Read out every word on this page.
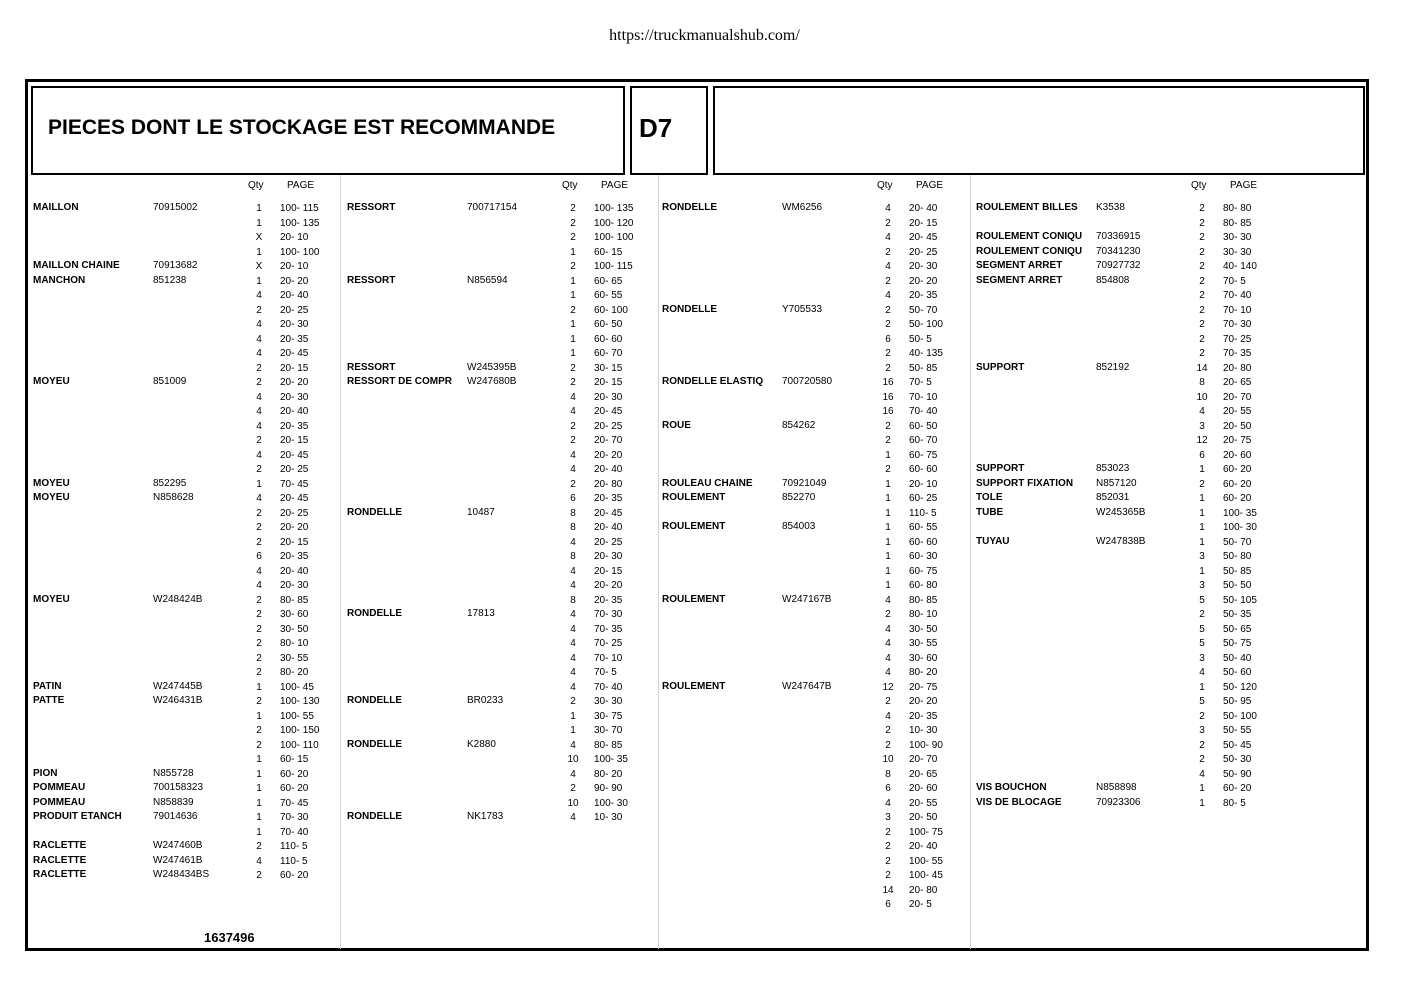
https://truckmanualshub.com/
PIECES DONT LE STOCKAGE EST RECOMMANDE	D7
Qty PAGE
MAILLON	70915002	1	100- 115
1	100- 135
X	20- 10
1	100- 100
MAILLON CHAINE	70913682	X	20- 10
MANCHON	851238	1	20- 20
4	20- 40
2	20- 25
4	20- 30
4	20- 35
4	20- 45
2	20- 15
MOYEU	851009	2	20- 20
4	20- 30
4	20- 40
4	20- 35
2	20- 15
4	20- 45
2	20- 25
MOYEU	852295	1	70- 45
MOYEU	N858628	4	20- 45
2	20- 25
2	20- 20
2	20- 15
6	20- 35
4	20- 40
4	20- 30
MOYEU	W248424B	2	80- 85
2	30- 60
2	30- 50
2	80- 10
2	30- 55
2	80- 20
PATIN	W247445B	1	100- 45
PATTE	W246431B	2	100- 130
1	100- 55
2	100- 150
2	100- 110
1	60- 15
PION	N855728	1	60- 20
POMMEAU	700158323	1	60- 20
POMMEAU	N858839	1	70- 45
PRODUIT ETANCH	79014636	1	70- 30
1	70- 40
RACLETTE	W247460B	2	110- 5
RACLETTE	W247461B	4	110- 5
RACLETTE	W248434BS	2	60- 20
Qty PAGE
RESSORT	700717154	2	100- 135
2	100- 120
2	100- 100
1	60- 15
2	100- 115
RESSORT	N856594	1	60- 65
1	60- 55
2	60- 100
1	60- 50
1	60- 60
1	60- 70
RESSORT	W245395B	2	30- 15
RESSORT DE COMPR W247680B	2	20- 15
4	20- 30
4	20- 45
2	20- 25
2	20- 70
4	20- 20
4	20- 40
2	20- 80
6	20- 35
RONDELLE	10487	8	20- 45
8	20- 40
4	20- 25
8	20- 30
4	20- 15
4	20- 20
8	20- 35
RONDELLE	17813	4	70- 30
4	70- 35
4	70- 25
4	70- 10
4	70- 5
4	70- 40
RONDELLE	BR0233	2	30- 30
1	30- 75
1	30- 70
RONDELLE	K2880	4	80- 85
10	100- 35
4	80- 20
2	90- 90
10	100- 30
RONDELLE	NK1783	4	10- 30
Qty PAGE
RONDELLE	WM6256	4	20- 40
2	20- 15
4	20- 45
2	20- 25
4	20- 30
2	20- 20
4	20- 35
RONDELLE	Y705533	2	50- 70
2	50- 100
6	50- 5
2	40- 135
2	50- 85
RONDELLE ELASTIQ 700720580	16	70- 5
16	70- 10
16	70- 40
ROUE	854262	2	60- 50
2	60- 70
1	60- 75
2	60- 60
ROULEAU CHAINE	70921049	1	20- 10
ROULEMENT	852270	1	60- 25
1	110- 5
ROULEMENT	854003	1	60- 55
1	60- 60
1	60- 30
1	60- 75
1	60- 80
ROULEMENT	W247167B	4	80- 85
2	80- 10
4	30- 50
4	30- 55
4	30- 60
4	80- 20
ROULEMENT	W247647B	12	20- 75
2	20- 20
4	20- 35
2	10- 30
2	100- 90
10	20- 70
8	20- 65
6	20- 60
4	20- 55
3	20- 50
2	100- 75
2	20- 40
2	100- 55
2	100- 45
14	20- 80
6	20- 5
Qty PAGE
ROULEMENT BILLES K3538	2	80- 80
2	80- 85
ROULEMENT CONIQU 70336915	2	30- 30
ROULEMENT CONIQU 70341230	2	30- 30
SEGMENT ARRET	70927732	2	40- 140
SEGMENT ARRET	854808	2	70- 5
2	70- 40
2	70- 10
2	70- 30
2	70- 25
2	70- 35
SUPPORT	852192	14	20- 80
8	20- 65
10	20- 70
4	20- 55
3	20- 50
12	20- 75
6	20- 60
SUPPORT	853023	1	60- 20
SUPPORT FIXATION N857120	2	60- 20
TOLE	852031	1	60- 20
TUBE	W245365B	1	100- 35
1	100- 30
TUYAU	W247838B	1	50- 70
3	50- 80
1	50- 85
3	50- 50
5	50- 105
2	50- 35
5	50- 65
5	50- 75
3	50- 40
4	50- 60
1	50- 120
5	50- 95
2	50- 100
3	50- 55
2	50- 45
2	50- 30
4	50- 90
VIS BOUCHON	N858898	1	60- 20
VIS DE BLOCAGE	70923306	1	80- 5
1637496
